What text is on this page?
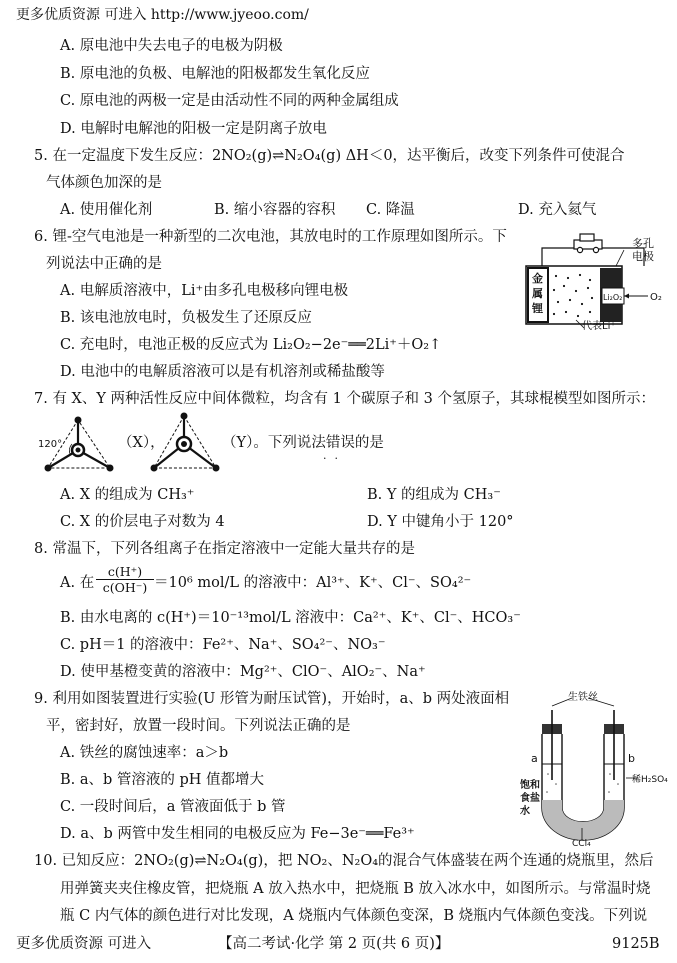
更多优质资源 可进入 http://www.jyeoo.com/
A. 原电池中失去电子的电极为阴极
B. 原电池的负极、电解池的阳极都发生氧化反应
C. 原电池的两极一定是由活动性不同的两种金属组成
D. 电解时电解池的阳极一定是阴离子放电
5. 在一定温度下发生反应：2NO₂(g)⇌N₂O₄(g) ΔH＜0，达平衡后，改变下列条件可使混合
气体颜色加深的是
A. 使用催化剂	B. 缩小容器的容积 C. 降温	D. 充入氦气
6. 锂-空气电池是一种新型的二次电池，其放电时的工作原理如图所示。下
列说法中正确的是
A. 电解质溶液中，Li⁺由多孔电极移向锂电极
B. 该电池放电时，负极发生了还原反应
C. 充电时，电池正极的反应式为 Li₂O₂−2e⁻══2Li⁺＋O₂↑
D. 电池中的电解质溶液可以是有机溶剂或稀盐酸等
多孔
电极
金
属
锂
Li₂O₂	O₂
代表Li⁺
7. 有 X、Y 两种活性反应中间体微粒，均含有 1 个碳原子和 3 个氢原子，其球棍模型如图所示：
120°	（X），	（Y）。下列说法错误的是
··
A. X 的组成为 CH₃⁺	B. Y 的组成为 CH₃⁻
C. X 的价层电子对数为 4	D. Y 中键角小于 120°
8. 常温下，下列各组离子在指定溶液中一定能大量共存的是
A. 在 $\frac{c(H^+)}{c(OH^-)} =10^6$ mol/L 的溶液中：Al³⁺、K⁺、Cl⁻、SO₄²⁻
B. 由水电离的 c(H⁺)＝10⁻¹³mol/L 溶液中：Ca²⁺、K⁺、Cl⁻、HCO₃⁻
C. pH＝1 的溶液中：Fe²⁺、Na⁺、SO₄²⁻、NO₃⁻
D. 使甲基橙变黄的溶液中：Mg²⁺、ClO⁻、AlO₂⁻、Na⁺
9. 利用如图装置进行实验(U 形管为耐压试管)，开始时，a、b 两处液面相
平，密封好，放置一段时间。下列说法正确的是
A. 铁丝的腐蚀速率：a＞b
B. a、b 管溶液的 pH 值都增大
C. 一段时间后，a 管液面低于 b 管
D. a、b 两管中发生相同的电极反应为 Fe−3e⁻══Fe³⁺
生铁丝
a	b
饱和
食盐
水
稀H₂SO₄
CCl₄
10. 已知反应：2NO₂(g)⇌N₂O₄(g)，把 NO₂、N₂O₄的混合气体盛装在两个连通的烧瓶里，然后
用弹簧夹夹住橡皮管，把烧瓶 A 放入热水中，把烧瓶 B 放入冰水中，如图所示。与常温时烧
瓶 C 内气体的颜色进行对比发现，A 烧瓶内气体颜色变深，B 烧瓶内气体颜色变浅。下列说
更多优质资源 可进入	【高二考试·化学 第 2 页(共 6 页)】	9125B
